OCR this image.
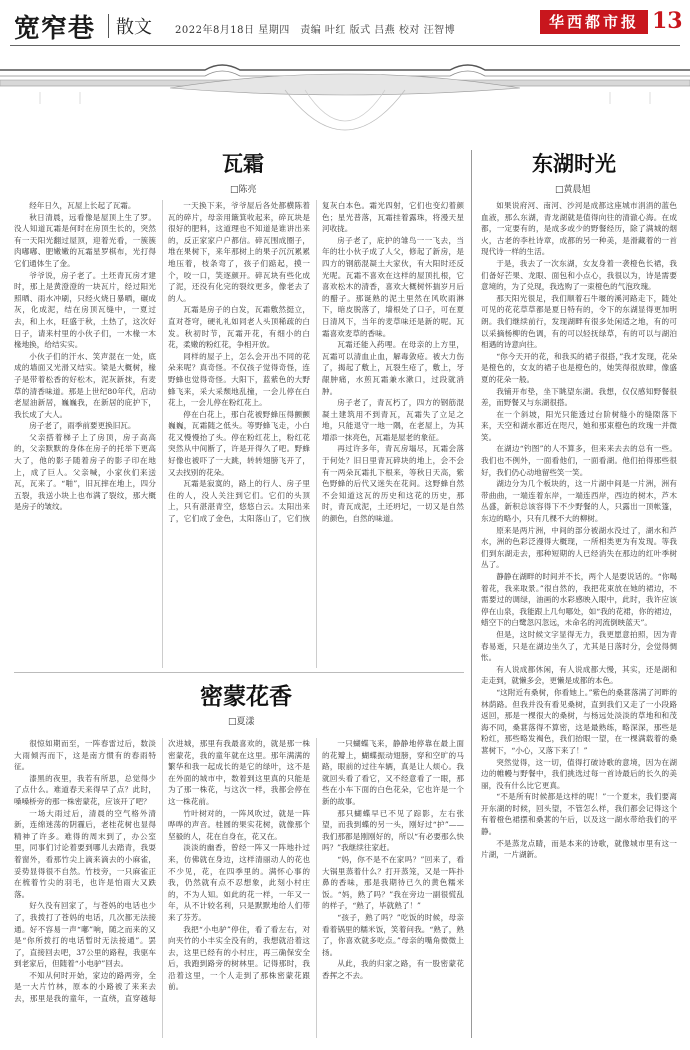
宽窄巷 散文 2022年8月18日 星期四　责编 叶红 版式 吕燕 校对 汪智博	华西都市报 13
瓦霜
□陈亮
东湖时光
□黄晨旭

经年日久，瓦屋上长起了瓦霜。

秋日清晨，远看像是屋顶上生了罗。没人知道瓦霜是何时在房顶生长的，突然有一天阳光翻过屋顶，迎着光看，一簇簇肉嘟嘟、肥嫩嫩的瓦霜星罗棋布，光打得它们通体生了金。

爷爷说，房子老了。土坯青瓦房才建时，那上是黄澄澄的一块瓦片，经过阳光照晒、雨水冲刷，只经火烧日暴晒，碾成灰，化成泥，结在房顶瓦缝中，一夏过去，和上水，旺盛于秋，土热了，这次好日子，请来村里的小伙子们，一木椽一木椽地换，给结实实。

小伙子们的汗水、笑声混在一处，底成的墙面又光滑又结实。梁是大概树，椽子是带着松香的好松木，泥灰新抹，有麦草的清香味道。那是上世纪80年代，启动老屋油新居，巍巍我，在新居的庇护下，我长成了大人。

房子老了，雨季前要更换旧瓦。

父亲搭着梯子上了房顶，房子高高的，父亲默默的身体在房子的托举下更高大了，他的影子随着房子的影子印在地上，成了巨人。父亲喊，小家伙们来送瓦，瓦来了。“啪”，旧瓦摔在地上，四分五裂，我送小块上也布满了裂纹，那大概是房子的皱纹。

一天换下来，爷爷屋后各处都横陈着瓦的碎片，母亲用簸箕收起来，碎瓦块是很好的肥料，这道理也不知道是谁讲出来的，反正家家户户都信。碎瓦围成圈子，堆在果树下，来年那树上的果子沉沉累累地压着，枝条弯了，孩子们踮起，摸一个，咬一口，笑逐颜开。碎瓦块有些化成了泥，还没有化完的裂纹更多，像老去了的人。

瓦霜是房子的白发，瓦霜敷然挺立，直对苍穹，硬礼礼如同老人头顶稀疏的白发。秋初时节，瓦霜开花，有细小的白花，柔嫩的粉红花，争相开放。

同样的屋子上，怎么会开出不同的花朵来呢？真奇怪。不仅孩子觉得奇怪，连野蜂也觉得奇怪。大阳下，蓝紫色的大野蜂飞来，采大采颓地乱撞，一会儿停在白花上，一会儿停在粉红花上。

停在白花上，那白花被野蜂压得颤颤巍巍，瓦霜随之低头。等野蜂飞走，小白花又慢慢抬了头。停在粉红花上，粉红花突然从中间断了，许是开得久了吧。野蜂好像也被吓了一大跳，转转翅膀飞开了，又去找别的花朵。

瓦霜是寂寞的，路上的行人、房子里住的人，没人关注到它们。它们的头顶上，只有湛湛青空，悠悠白云。太阳出来了，它们成了金色，太阳落山了，它们恢复灰白本色。霜光四射，它们也变幻着颜色；星光普落，瓦霜挂着露珠，将漫天星河收拢。

房子老了，庇护的雏鸟一一飞去，当年的壮小伙子成了人父，修起了新房，是四方的钢筋混凝土大家伙，有大阳时还反光呢。瓦霜不喜欢在这样的屋顶扎根，它喜欢松木的清香，喜欢大概树怀揣岁月后的醋子。那诞熟的泥土里然在风吹雨淋下，暗皮脱落了，墙根处了口子，可在夏日清风下，当年的麦草味还是新的呢。瓦霜喜欢麦草的香味。

瓦霜还能入药哩。在母亲的上方里，瓦霜可以清血止血，解毒敛疮。被大力伤了，揭起了敷上，瓦裂生疮了，敷上，牙龈肿痛，水煎瓦霜兼水漱口，过段就消肿。

房子老了，青瓦朽了，四方的钢筋混凝土建筑用不到青瓦，瓦霜失了立足之地，只能退守一地一隅，在老屋上，为其增添一抹亮色，瓦霜是屋老的象征。

再过许多年，青瓦房塌尽，瓦霜会落于何处？旧日里青瓦碎块的地上，会不会有一两朵瓦霜扎下根来，等秋日天高，紫色野蜂的后代又迷失在花间。这野蜂自然不会知道这瓦的历史和这花的历史，那时，青瓦成泥，土还坍圮，一切又是自然的颜色，自然的味道。

密蒙花香
□夏漾

很惊如期而至，一阵春雷过后，数淡大雨倾泻而下，这是南方惯有的春雨特征。

漆黑的夜里，我若有所思，总觉得少了点什么。难道春天来得早了点？此时，嗓嗓桥旁的那一株密蒙花，应该开了吧？

一场大雨过后，清晨的空气格外清新，连绵迷荡的阴霾后，老桂花树也显得精神了许多。难得的周末到了，办公室里，同事们讨论着要到哪儿去踏青，我耍着窗外，看那竹尖上滴来滴去的小麻雀，妥势显得很不自然。竹枝旁，一只麻雀正在梳着竹尖的羽毛，也许是怕雨大又跌落。

好久没有回家了，与苍妈的电话也少了，我拨打了苍妈的电话，几次都无法接通。好不容易一声“嘟”响，随之而来的又是“你所拨打的电话暂时无法接通”。罢了，直接回去吧，37公里的路程，我驱车到老家后，但随着“小电驴”回去。

不知从何时开始，家边的路两旁，全是一大片竹林，原本的小路被了来来去去，那里是我的童年，一直绕，直穿越每次进城，那里有我最喜欢的，就是那一株密蒙花，我的童年就在这里。那年满满的繁华和我一起成长的是它的绿叶，这不是在外面的城市中，数着到这里真的只能是为了那一株花，与这次一样，我都会停在这一株花前。

竹叶树对的，一阵风吹过，就是一阵哗哗的声音。桂圆的果实花树，就像那个坚毅的人，花在自身在，花又在。

淡淡的幽香，曾经一阵又一阵地扑过来，仿佛就在身边，这样清丽动人的花也不少见，花，在四季里的。满怀心事的我，仍然就有点不忍想象，此刻小村庄的，不为人知。如此的花一样，一年又一年，从不计较名利，只是默默地给人们带来了芬芳。

我把“小电驴”停住，看了看左右，对向夹竹的小丰实全没有的，我想就沿着这去，这里已经有的小村庄，再三确保安全后，我跑到路旁的树林里。记得那时，我沿着这里，一个人走到了那株密蒙花跟前。

一只蝴蝶飞来，静静地停靠在最上面的花瓣上，蝴蝶振动翅膀，穿和空旷的马路，眼前的过往车辆，真是让人烦心。我就回头看了看它，又不经意看了一眼，那些在小车下面的白色花朵，它也许是一个新的故事。

那只蝴蝶早已不见了踪影，左右张望，而我到蝶的另一头，刚好过“护”——我们那都是刚刚好的，所以“有必要那么快吗？”我继续往家赶。

“妈，你不是不在家吗？”回来了，看大锅里蒸着什么？打开蒸笼，又是一阵扑鼻的香味，那是我期待已久的黄色糯米饭。“妈，熟了吗？”我在旁边一副很慌乱的样子，“熟了，毕就熟了！”

“孩子，熟了吗？”吃饭的时候，母亲看着锅里的糯米饭，笑着问我。“熟了，熟了，你喜欢就多吃点。”母亲的嘴角微微上扬。

从此，我的归家之路，有一股密蒙花香挥之不去。

如果说府河、南河、沙河是成都这座城市涓涓的蓝色血液，那么东湖，青龙湖就是值得向往的清澈心海。在成都，一定要有的，是成多或少的野餐经历，除了满城的烟火，古老的李杜诗章，成都的另一种美，是滑藏着的一首现代诗一样的生活。

于是，我去了一次东湖，女友身着一袭橙色长裙，我们备好芒果、龙眼、面包和小点心，我很以为，诗是需要意境的，为了兑现，我选购了一束橙色的气泡玫瑰。

那天阳光很足，我们顺着石牛堰的溪河路走下，随处可见的花花草草都是夏日特有的，令下的东湖显得更加明朗。我们继续前行，发现湖畔有很多处闲适之地，有的可以采摘杨柳的色调，有的可以轻抚绿草，有的可以与湖泊相遇的诗意向往。

“你今天开的花，和我买的裙子很搭，”我才发现，花朵是橙色的，女友的裙子也是橙色的，她笑得很放肆，像盛夏的花朵一般。

我铺开布垫，坐下眺望东湖。我想，仅仅感知野餐很差，而野餐又与东湖很搭。

在一个斜坡，阳光只能透过台阶树缝小的缝隙落下来，天空和湖水都近在咫尺，她和那束橙色的玫瑰一并微笑。

在湖边“钓图”的人不算多，但来来去去的总有一些。我们也不例外，一面看他们，一面看湖。他们拍得那些很好，我们仍心动地留些笑一笑。

湖边分为几个板块的，这一片湖中间是一片洲，洲有带曲曲，一端连着东岸，一端连西岸，西边的树木，芦木丛盛，新积总该容得下不少野餐的人，只露出一顶帐篷，东边的略小，只有几棵不大的柳树。

原来是两片洲，中间的部分被湖水没过了，湖水和芦水，洲的色彩泛漫得大概现，一所相类更为有发现。等我们到东湖走去，那种短期的人已经消失在那边的红叶季树丛了。

静静在湖畔的时间并不长，两个人是要说话的。“你喝着花，我来取景。”很自然的，我把花束放在她的裙边，不需要过的调绿，油画的水彩感映入眼中，此时，我许应该停在山泉，我能跟上几句哪处，如“我的花裙，你的裙边，蜡空下的白鹭忽闪忽远，未命名的河流倒映蓝天”。

但是，这时候文字显得无力，我更愿意拍照，因为青春易逝，只是在湖边坐久了，尤其是日落时分，会觉得惆怅。

有人说成都休闲，有人说成都大慢，其实，还是湖和走走到，就懒多会，更懒是成都的本色。

“这附近有桑树，你看她上。”紫色的桑葚落满了河畔的林荫路。但我并没有看见桑树，直到我们又走了一小段路返回，那是一棵很大的桑树，与杨远处淡淡的草地和和茂海不同，桑葚落得不算密，这是最熟练，略深深，那些是粉红，那些略发褐色，我们抬眼一望，在一棵满载着的桑葚树下，“小心，又落下来了！”

突然觉得，这一切，值得打破诗歌的意境，因为在湖边的帷幔与野餐中，我们挑选过每一首诗最后的长久的美丽，没有什么比它更真。

“不是所有时候都是这样的呢！”一个夏末，我们要离开东湖的时候，回头望，不管怎么样，我们都会记得这个有着橙色裙摆和桑葚的午后，以及这一湖水带给我们的平静。

不是蒸龙点睛，而是本来的诗歌，就像城市里有这一片湖，一片湖新。
